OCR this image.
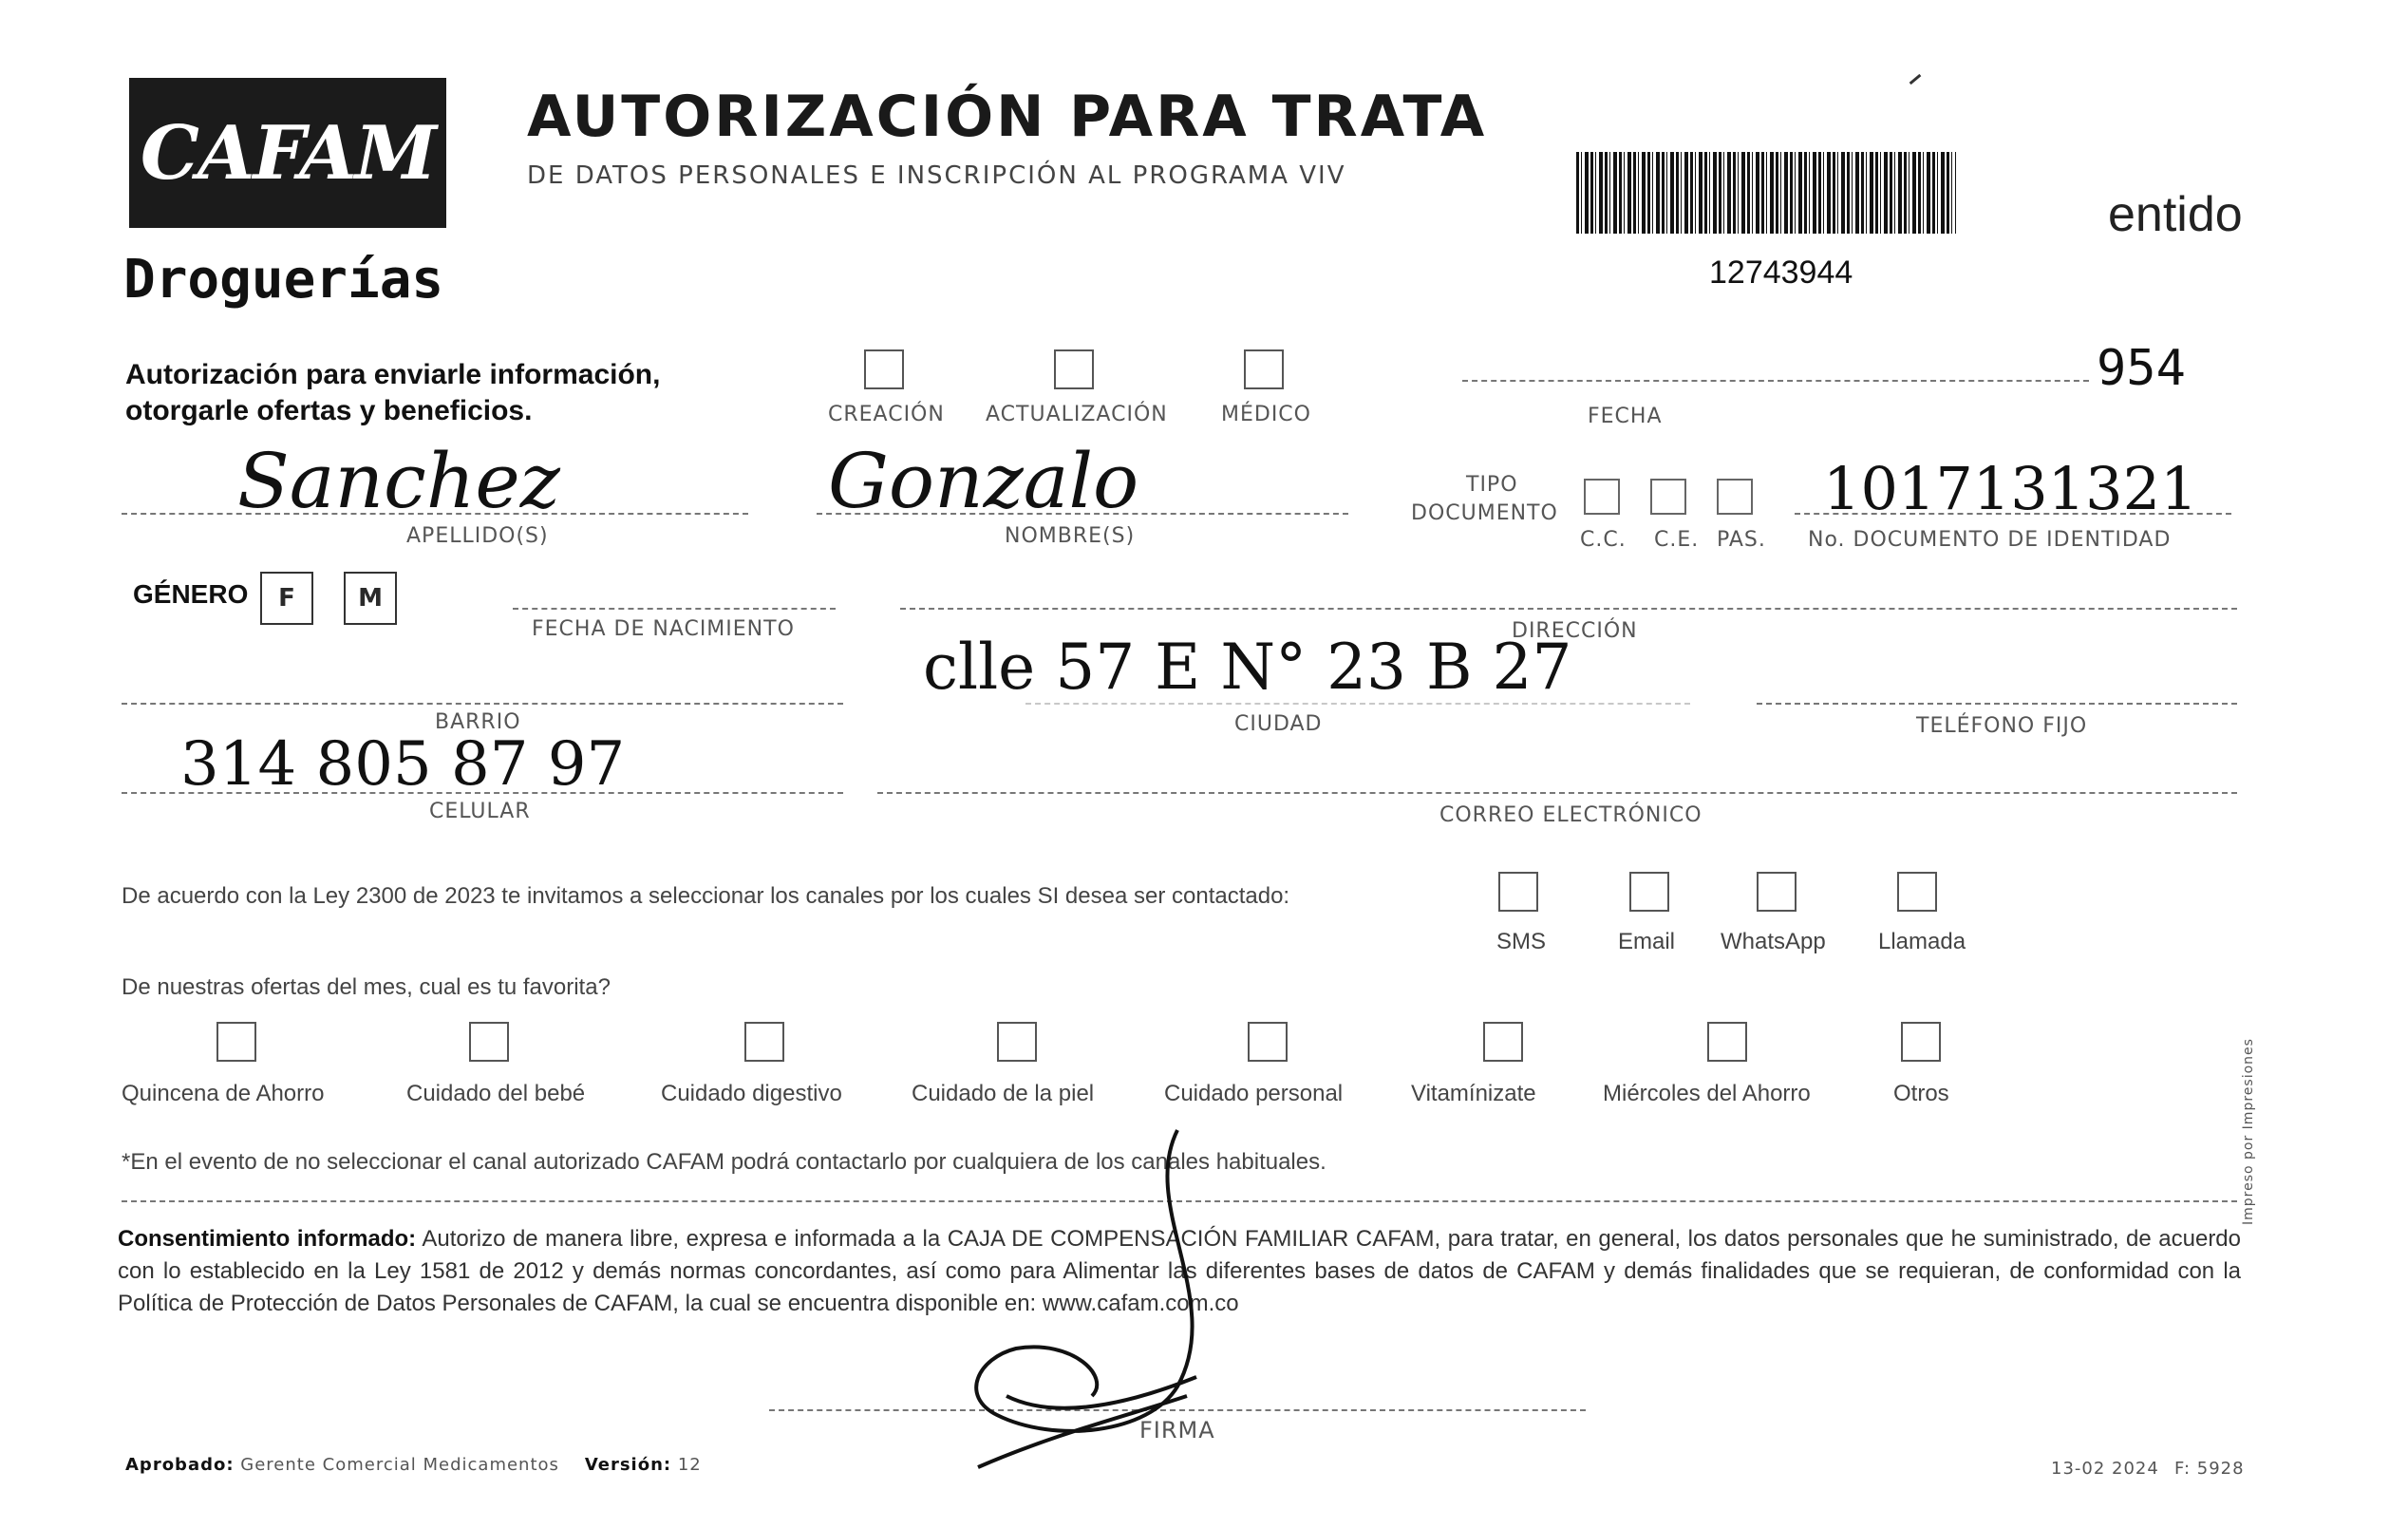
CAFAM
Droguerías
AUTORIZACIÓN PARA TRATA
DE DATOS PERSONALES E INSCRIPCIÓN AL PROGRAMA VIV
12743944
entido
Autorización para enviarle información,
otorgarle ofertas y beneficios.	CREACIÓN ACTUALIZACIÓN	MÉDICO	FECHA
954
Sanchez
APELLIDO(S)
Gonzalo
NOMBRE(S)
TIPO
DOCUMENTO
C.C. C.E. PAS.
1017131321
No. DOCUMENTO DE IDENTIDAD
GÉNERO	F	M
FECHA DE NACIMIENTO	DIRECCIÓN
clle 57 E N° 23 B 27
BARRIO	CIUDAD	TELÉFONO FIJO
314 805 87 97
CELULAR	CORREO ELECTRÓNICO
De acuerdo con la Ley 2300 de 2023 te invitamos a seleccionar los canales por los cuales SI desea ser contactado:
SMS	Email WhatsApp Llamada
De nuestras ofertas del mes, cual es tu favorita?
Quincena de Ahorro	Cuidado del bebé	Cuidado digestivo	Cuidado de la piel	Cuidado personal	Vitamínizate	Miércoles del Ahorro	Otros
*En el evento de no seleccionar el canal autorizado CAFAM podrá contactarlo por cualquiera de los canales habituales.
Consentimiento informado: Autorizo de manera libre, expresa e informada a la CAJA DE COMPENSACIÓN FAMILIAR CAFAM, para tratar, en general, los datos personales que he suministrado, de acuerdo con lo establecido en la Ley 1581 de 2012 y demás normas concordantes, así como para Alimentar las diferentes bases de datos de CAFAM y demás finalidades que se requieran, de conformidad con la Política de Protección de Datos Personales de CAFAM, la cual se encuentra disponible en: www.cafam.com.co
FIRMA
Aprobado: Gerente Comercial Medicamentos Versión: 12	13-02 2024 F: 5928
Impreso por Impresiones
